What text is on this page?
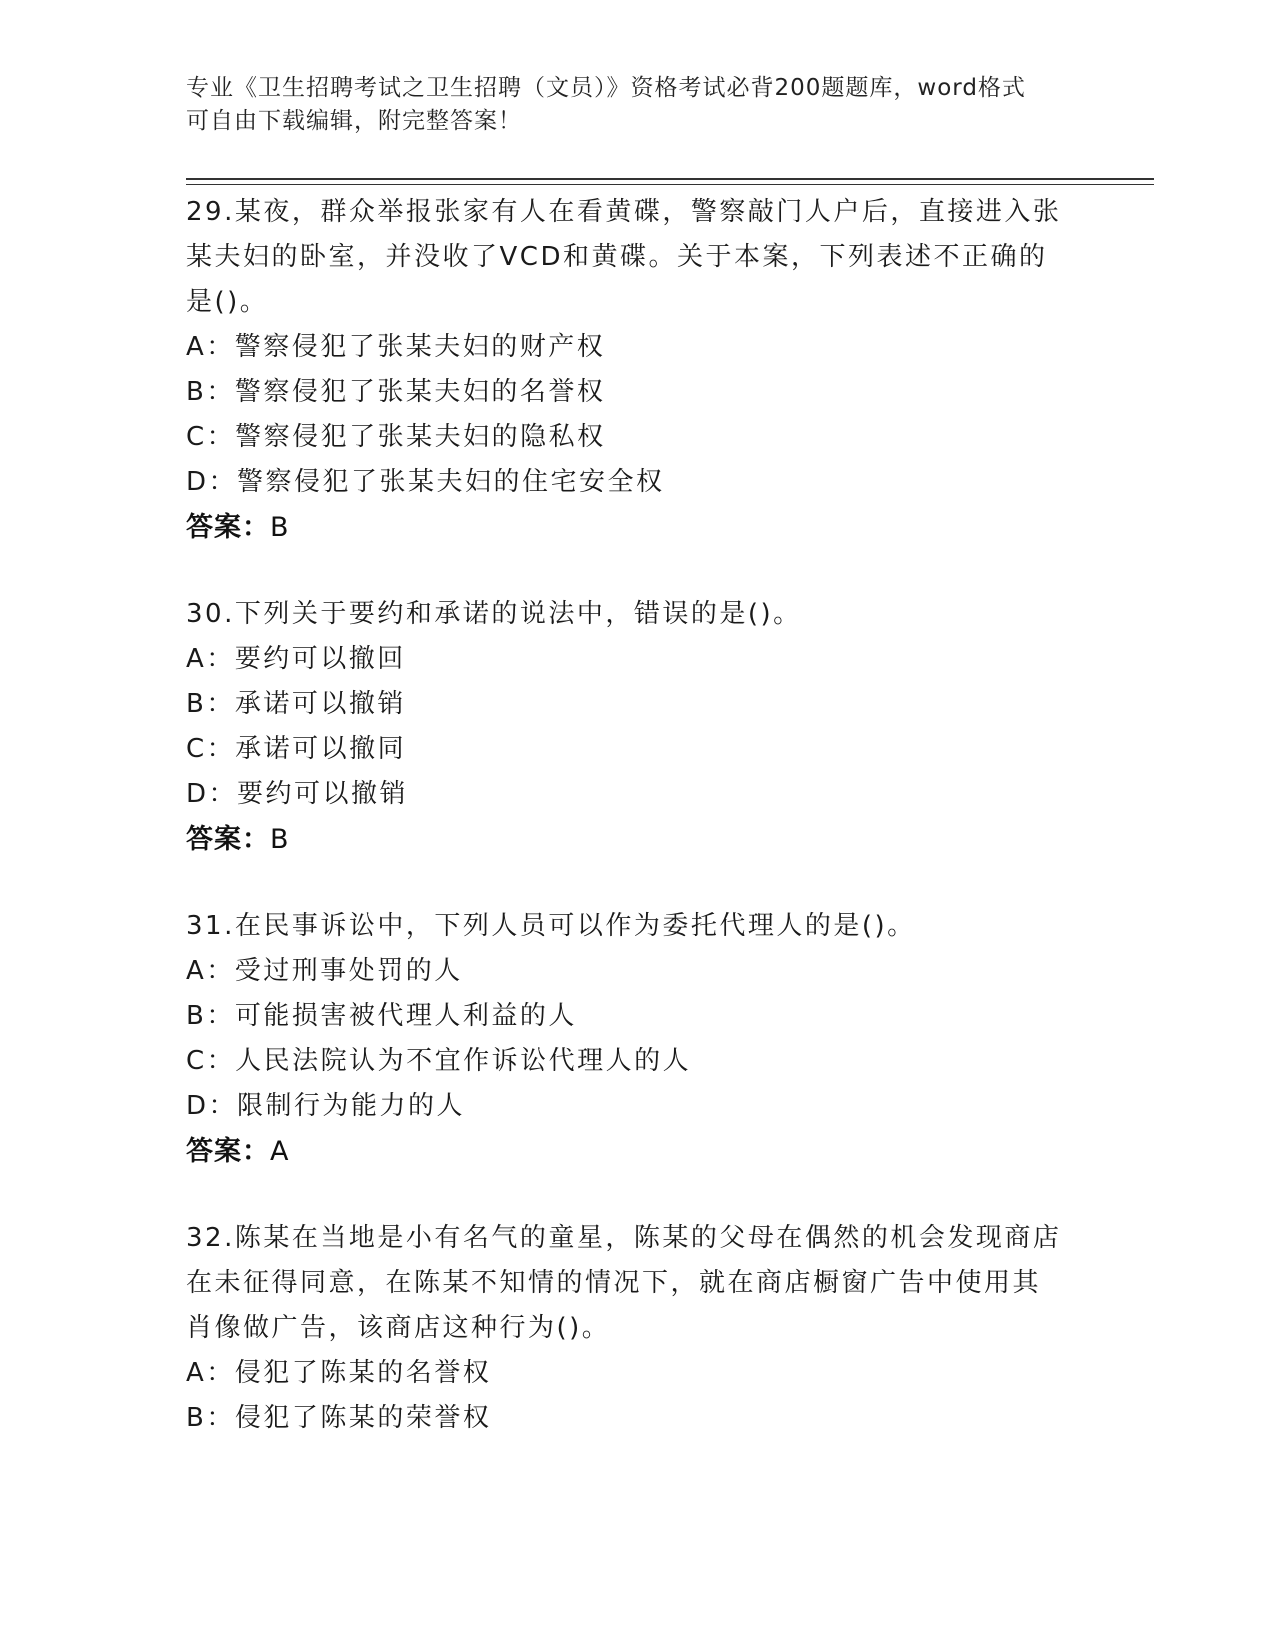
专业《卫生招聘考试之卫生招聘（文员）》资格考试必背200题题库，word格式
可自由下载编辑，附完整答案！
29.某夜，群众举报张家有人在看黄碟，警察敲门人户后，直接进入张
某夫妇的卧室，并没收了VCD和黄碟。关于本案，下列表述不正确的
是()。
A：警察侵犯了张某夫妇的财产权
B：警察侵犯了张某夫妇的名誉权
C：警察侵犯了张某夫妇的隐私权
D：警察侵犯了张某夫妇的住宅安全权
答案：B
30.下列关于要约和承诺的说法中，错误的是()。
A：要约可以撤回
B：承诺可以撤销
C：承诺可以撤同
D：要约可以撤销
答案：B
31.在民事诉讼中，下列人员可以作为委托代理人的是()。
A：受过刑事处罚的人
B：可能损害被代理人利益的人
C：人民法院认为不宜作诉讼代理人的人
D：限制行为能力的人
答案：A
32.陈某在当地是小有名气的童星，陈某的父母在偶然的机会发现商店
在未征得同意，在陈某不知情的情况下，就在商店橱窗广告中使用其
肖像做广告，该商店这种行为()。
A：侵犯了陈某的名誉权
B：侵犯了陈某的荣誉权
